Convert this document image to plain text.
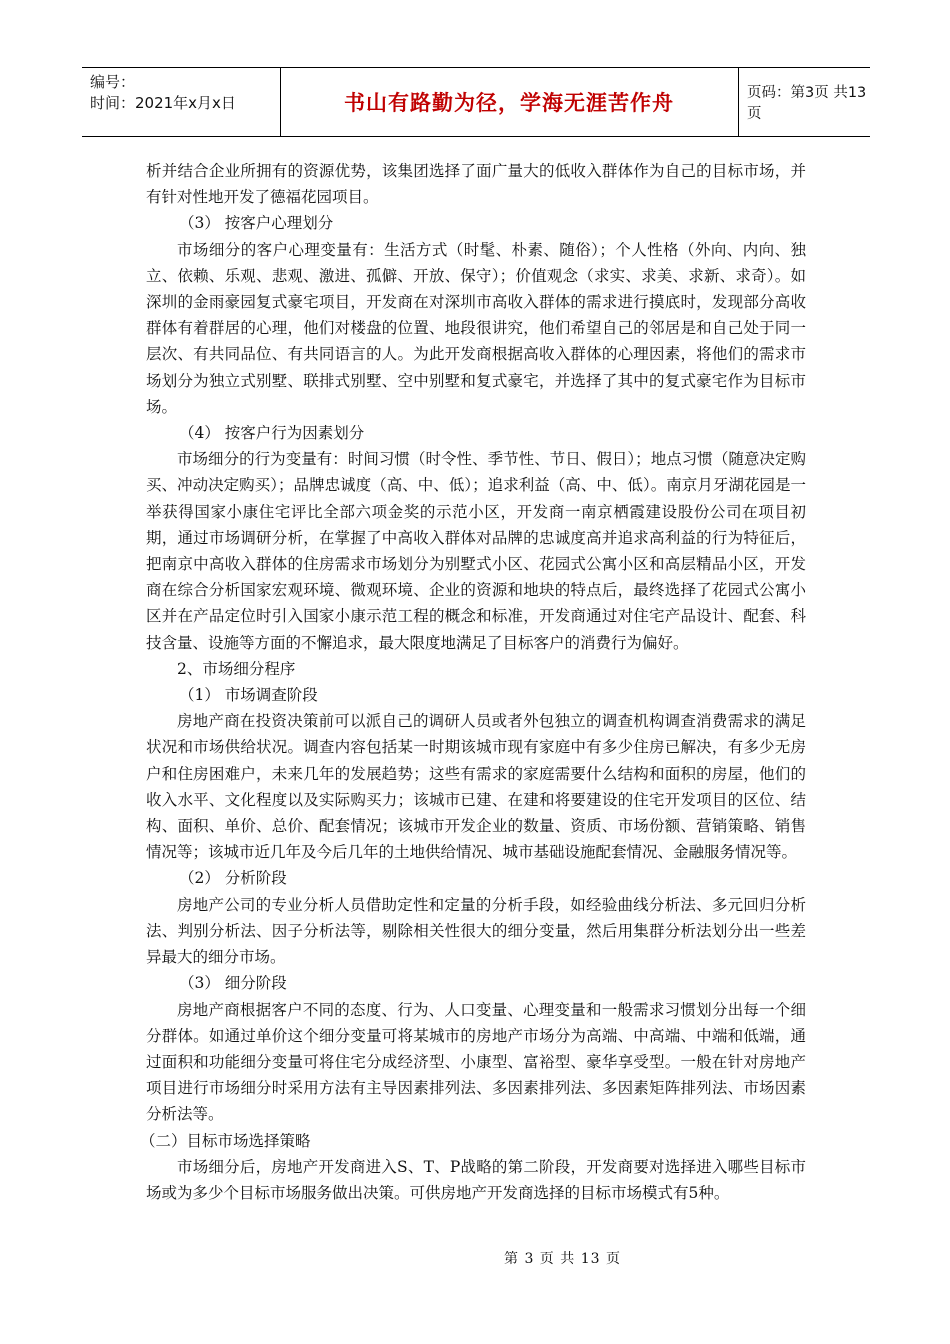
编号：
时间：2021年x月x日	书山有路勤为径，学海无涯苦作舟	页码：第3页 共13页

析并结合企业所拥有的资源优势，该集团选择了面广量大的低收入群体作为自己的目标市场，并有针对性地开发了德福花园项目。

（3） 按客户心理划分

市场细分的客户心理变量有：生活方式（时髦、朴素、随俗）；个人性格（外向、内向、独立、依赖、乐观、悲观、激进、孤僻、开放、保守）；价值观念（求实、求美、求新、求奇）。如深圳的金雨豪园复式豪宅项目，开发商在对深圳市高收入群体的需求进行摸底时，发现部分高收群体有着群居的心理，他们对楼盘的位置、地段很讲究，他们希望自己的邻居是和自己处于同一层次、有共同品位、有共同语言的人。为此开发商根据高收入群体的心理因素，将他们的需求市场划分为独立式别墅、联排式别墅、空中别墅和复式豪宅，并选择了其中的复式豪宅作为目标市场。

（4） 按客户行为因素划分

市场细分的行为变量有：时间习惯（时令性、季节性、节日、假日）；地点习惯（随意决定购买、冲动决定购买）；品牌忠诚度（高、中、低）；追求利益（高、中、低）。南京月牙湖花园是一举获得国家小康住宅评比全部六项金奖的示范小区，开发商一南京栖霞建设股份公司在项目初期，通过市场调研分析，在掌握了中高收入群体对品牌的忠诚度高并追求高利益的行为特征后，把南京中高收入群体的住房需求市场划分为别墅式小区、花园式公寓小区和高层精品小区，开发商在综合分析国家宏观环境、微观环境、企业的资源和地块的特点后，最终选择了花园式公寓小区并在产品定位时引入国家小康示范工程的概念和标准，开发商通过对住宅产品设计、配套、科技含量、设施等方面的不懈追求，最大限度地满足了目标客户的消费行为偏好。

2、市场细分程序

（1） 市场调查阶段

房地产商在投资决策前可以派自己的调研人员或者外包独立的调查机构调查消费需求的满足状况和市场供给状况。调查内容包括某一时期该城市现有家庭中有多少住房已解决，有多少无房户和住房困难户，未来几年的发展趋势；这些有需求的家庭需要什么结构和面积的房屋，他们的收入水平、文化程度以及实际购买力；该城市已建、在建和将要建设的住宅开发项目的区位、结构、面积、单价、总价、配套情况；该城市开发企业的数量、资质、市场份额、营销策略、销售情况等；该城市近几年及今后几年的土地供给情况、城市基础设施配套情况、金融服务情况等。

（2） 分析阶段

房地产公司的专业分析人员借助定性和定量的分析手段，如经验曲线分析法、多元回归分析法、判别分析法、因子分析法等，剔除相关性很大的细分变量，然后用集群分析法划分出一些差异最大的细分市场。

（3） 细分阶段

房地产商根据客户不同的态度、行为、人口变量、心理变量和一般需求习惯划分出每一个细分群体。如通过单价这个细分变量可将某城市的房地产市场分为高端、中高端、中端和低端，通过面积和功能细分变量可将住宅分成经济型、小康型、富裕型、豪华享受型。一般在针对房地产项目进行市场细分时采用方法有主导因素排列法、多因素排列法、多因素矩阵排列法、市场因素分析法等。

（二）目标市场选择策略

市场细分后，房地产开发商进入S、T、P战略的第二阶段，开发商要对选择进入哪些目标市场或为多少个目标市场服务做出决策。可供房地产开发商选择的目标市场模式有5种。

第 3 页 共 13 页
